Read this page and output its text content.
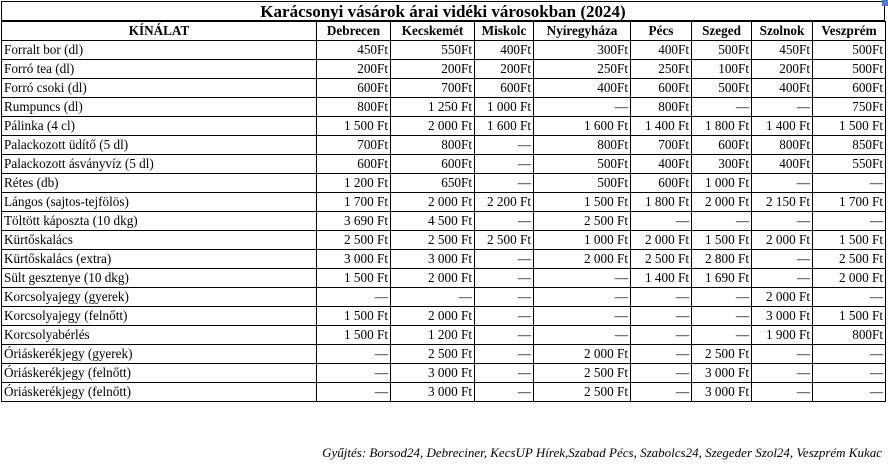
Karácsonyi vásárok árai vidéki városokban (2024)
KÍNÁLAT	Debrecen	Kecskemét	Miskolc	Nyíregyháza	Pécs	Szeged	Szolnok	Veszprém
Forralt bor (dl)	450Ft	550Ft	400Ft	300Ft	400Ft	500Ft	450Ft	500Ft
Forró tea (dl)	200Ft	200Ft	200Ft	250Ft	250Ft	100Ft	200Ft	500Ft
Forró csoki (dl)	600Ft	700Ft	600Ft	400Ft	600Ft	500Ft	400Ft	600Ft
Rumpuncs (dl)	800Ft	1 250 Ft	1 000 Ft	—	800Ft	—	—	750Ft
Pálinka (4 cl)	1 500 Ft	2 000 Ft	1 600 Ft	1 600 Ft	1 400 Ft	1 800 Ft	1 400 Ft	1 500 Ft
Palackozott üdítő (5 dl)	700Ft	800Ft	—	800Ft	700Ft	600Ft	800Ft	850Ft
Palackozott ásványvíz (5 dl)	600Ft	600Ft	—	500Ft	400Ft	300Ft	400Ft	550Ft
Rétes (db)	1 200 Ft	650Ft	—	500Ft	600Ft	1 000 Ft	—	—
Lángos (sajtos-tejfölös)	1 700 Ft	2 000 Ft	2 200 Ft	1 500 Ft	1 800 Ft	2 000 Ft	2 150 Ft	1 700 Ft
Töltött káposzta (10 dkg)	3 690 Ft	4 500 Ft	—	2 500 Ft	—	—	—	—
Kürtőskalács	2 500 Ft	2 500 Ft	2 500 Ft	1 000 Ft	2 000 Ft	1 500 Ft	2 000 Ft	1 500 Ft
Kürtőskalács (extra)	3 000 Ft	3 000 Ft	—	2 000 Ft	2 500 Ft	2 800 Ft	—	2 500 Ft
Sült gesztenye (10 dkg)	1 500 Ft	2 000 Ft	—	—	1 400 Ft	1 690 Ft	—	2 000 Ft
Korcsolyajegy (gyerek)	—	—	—	—	—	—	2 000 Ft	—
Korcsolyajegy (felnőtt)	1 500 Ft	2 000 Ft	—	—	—	—	3 000 Ft	1 500 Ft
Korcsolyabérlés	1 500 Ft	1 200 Ft	—	—	—	—	1 900 Ft	800Ft
Óriáskerékjegy (gyerek)	—	2 500 Ft	—	2 000 Ft	—	2 500 Ft	—	—
Óriáskerékjegy (felnőtt)	—	3 000 Ft	—	2 500 Ft	—	3 000 Ft	—	—
Óriáskerékjegy (felnőtt)	—	3 000 Ft	—	2 500 Ft	—	3 000 Ft	—	—
Gyűjtés: Borsod24, Debreciner, KecsUP Hírek,Szabad Pécs, Szabolcs24, Szegeder Szol24, Veszprém Kukac
